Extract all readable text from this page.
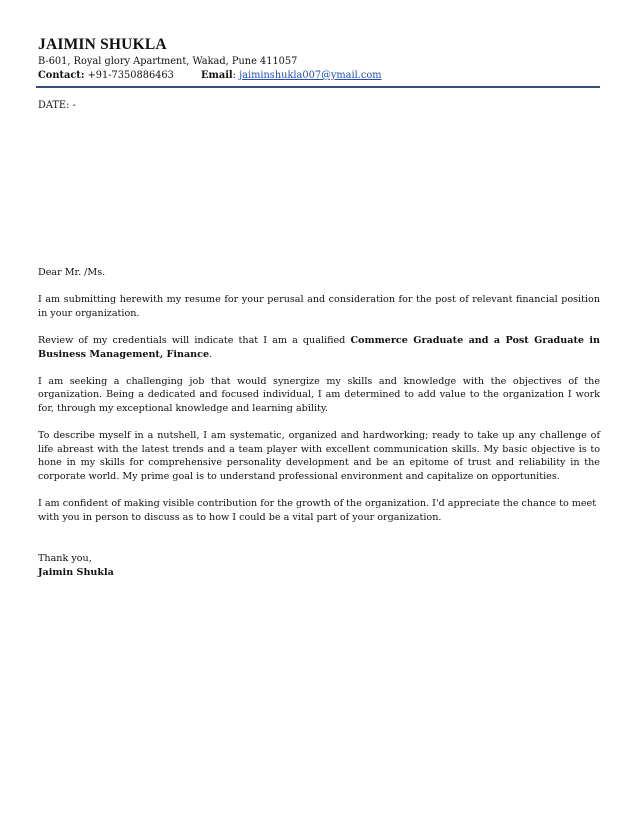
JAIMIN SHUKLA
B-601, Royal glory Apartment, Wakad, Pune 411057
Contact: +91-7350886463	Email: jaiminshukla007@ymail.com
DATE: -

Dear Mr. /Ms.

I am submitting herewith my resume for your perusal and consideration for the post of relevant financial position in your organization.

Review of my credentials will indicate that I am a qualified Commerce Graduate and a Post Graduate in Business Management, Finance.

I am seeking a challenging job that would synergize my skills and knowledge with the objectives of the organization. Being a dedicated and focused individual, I am determined to add value to the organization I work for, through my exceptional knowledge and learning ability.

To describe myself in a nutshell, I am systematic, organized and hardworking; ready to take up any challenge of life abreast with the latest trends and a team player with excellent communication skills. My basic objective is to hone in my skills for comprehensive personality development and be an epitome of trust and reliability in the corporate world. My prime goal is to understand professional environment and capitalize on opportunities.

I am confident of making visible contribution for the growth of the organization. I'd appreciate the chance to meet
with you in person to discuss as to how I could be a vital part of your organization.

Thank you,
Jaimin Shukla
